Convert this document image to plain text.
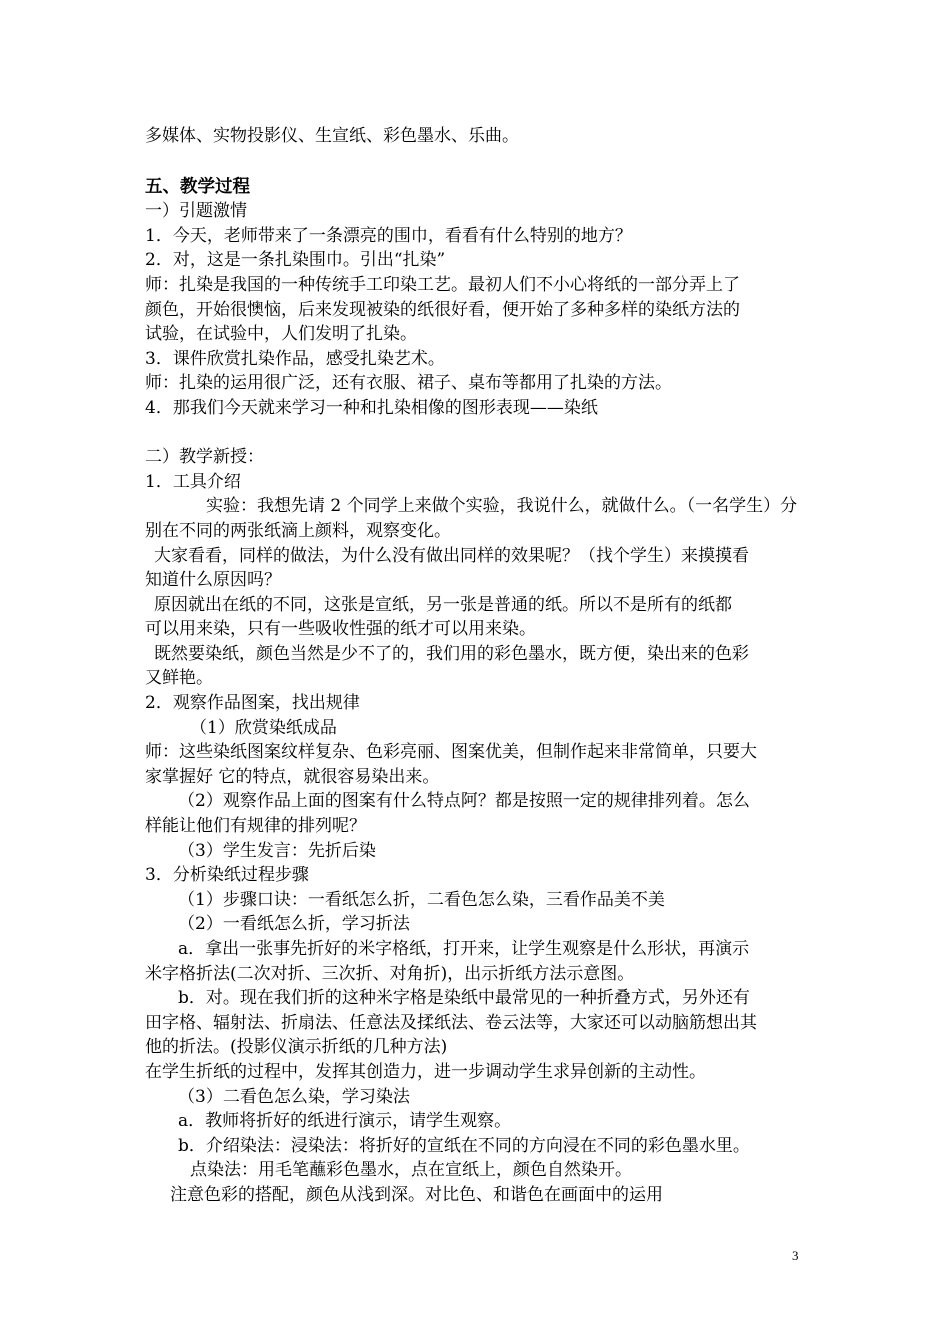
多媒体、实物投影仪、生宣纸、彩色墨水、乐曲。

五、教学过程

一）引题激情

1．今天，老师带来了一条漂亮的围巾，看看有什么特别的地方？

2．对，这是一条扎染围巾。引出“扎染”

师：扎染是我国的一种传统手工印染工艺。最初人们不小心将纸的一部分弄上了

颜色，开始很懊恼，后来发现被染的纸很好看，便开始了多种多样的染纸方法的

试验，在试验中，人们发明了扎染。

3．课件欣赏扎染作品，感受扎染艺术。

师：扎染的运用很广泛，还有衣服、裙子、桌布等都用了扎染的方法。

4．那我们今天就来学习一种和扎染相像的图形表现——染纸

二）教学新授：

1．工具介绍

实验：我想先请 2 个同学上来做个实验，我说什么，就做什么。（一名学生）分

别在不同的两张纸滴上颜料，观察变化。

大家看看，同样的做法，为什么没有做出同样的效果呢？（找个学生）来摸摸看

知道什么原因吗？

原因就出在纸的不同，这张是宣纸，另一张是普通的纸。所以不是所有的纸都

可以用来染，只有一些吸收性强的纸才可以用来染。

既然要染纸，颜色当然是少不了的，我们用的彩色墨水，既方便，染出来的色彩

又鲜艳。

2．观察作品图案，找出规律

（1）欣赏染纸成品

师：这些染纸图案纹样复杂、色彩亮丽、图案优美，但制作起来非常简单，只要大

家掌握好 它的特点，就很容易染出来。

（2）观察作品上面的图案有什么特点阿？都是按照一定的规律排列着。怎么

样能让他们有规律的排列呢？

（3）学生发言：先折后染

3．分析染纸过程步骤

（1）步骤口诀：一看纸怎么折，二看色怎么染，三看作品美不美

（2）一看纸怎么折，学习折法

a．拿出一张事先折好的米字格纸，打开来，让学生观察是什么形状，再演示

米字格折法(二次对折、三次折、对角折)，出示折纸方法示意图。

b．对。现在我们折的这种米字格是染纸中最常见的一种折叠方式，另外还有

田字格、辐射法、折扇法、任意法及揉纸法、卷云法等，大家还可以动脑筋想出其

他的折法。(投影仪演示折纸的几种方法)

在学生折纸的过程中，发挥其创造力，进一步调动学生求异创新的主动性。

（3）二看色怎么染，学习染法

a．教师将折好的纸进行演示，请学生观察。

b．介绍染法：浸染法：将折好的宣纸在不同的方向浸在不同的彩色墨水里。

点染法：用毛笔蘸彩色墨水，点在宣纸上，颜色自然染开。

注意色彩的搭配，颜色从浅到深。对比色、和谐色在画面中的运用

3
